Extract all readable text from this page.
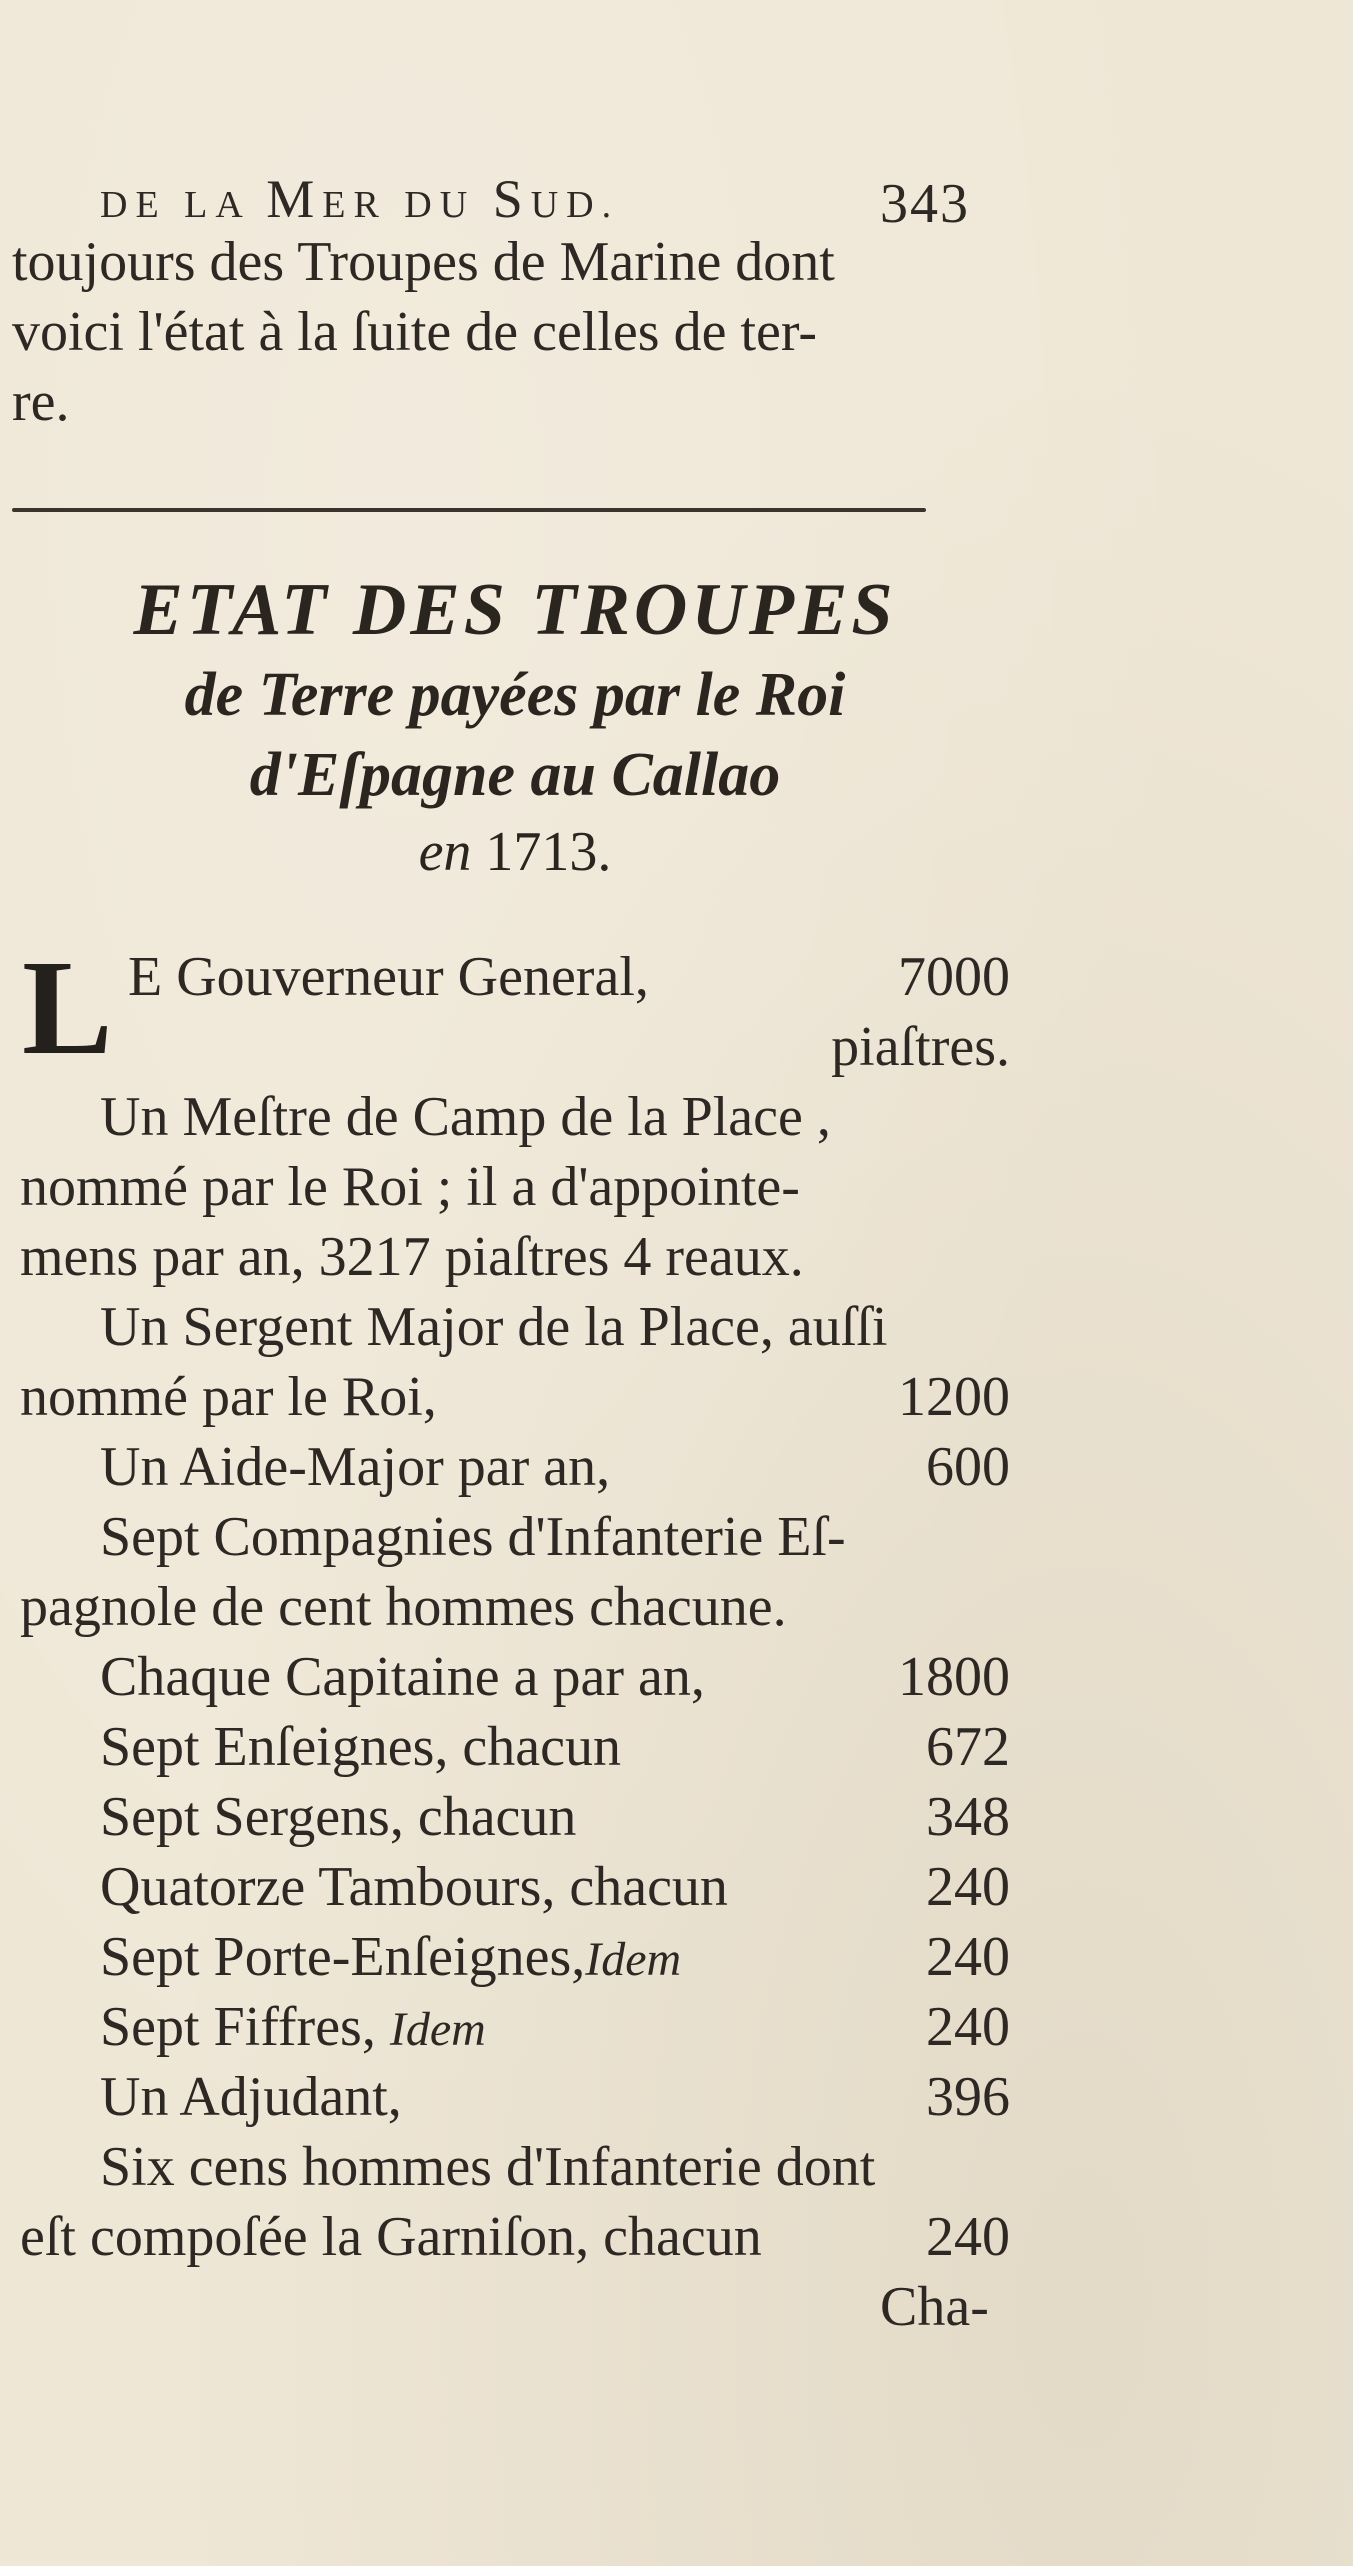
DE LA MER DU SUD.	343
toujours des Troupes de Marine dont
voici l'état à la ſuite de celles de ter-
re.
ETAT DES TROUPES
de Terre payées par le Roi
d'Eſpagne au Callao
en 1713.
L E Gouverneur General,	7000
piaſtres.
Un Meſtre de Camp de la Place ,
nommé par le Roi ; il a d'appointe-
mens par an, 3217 piaſtres 4 reaux.
Un Sergent Major de la Place, auſſi
nommé par le Roi,	1200
Un Aide-Major par an,	600
Sept Compagnies d'Infanterie Eſ-
pagnole de cent hommes chacune.
Chaque Capitaine a par an,	1800
Sept Enſeignes, chacun	672
Sept Sergens, chacun	348
Quatorze Tambours, chacun	240
Sept Porte-Enſeignes,Idem	240
Sept Fiffres, Idem	240
Un Adjudant,	396
Six cens hommes d'Infanterie dont
eſt compoſée la Garniſon, chacun	240
Cha-
